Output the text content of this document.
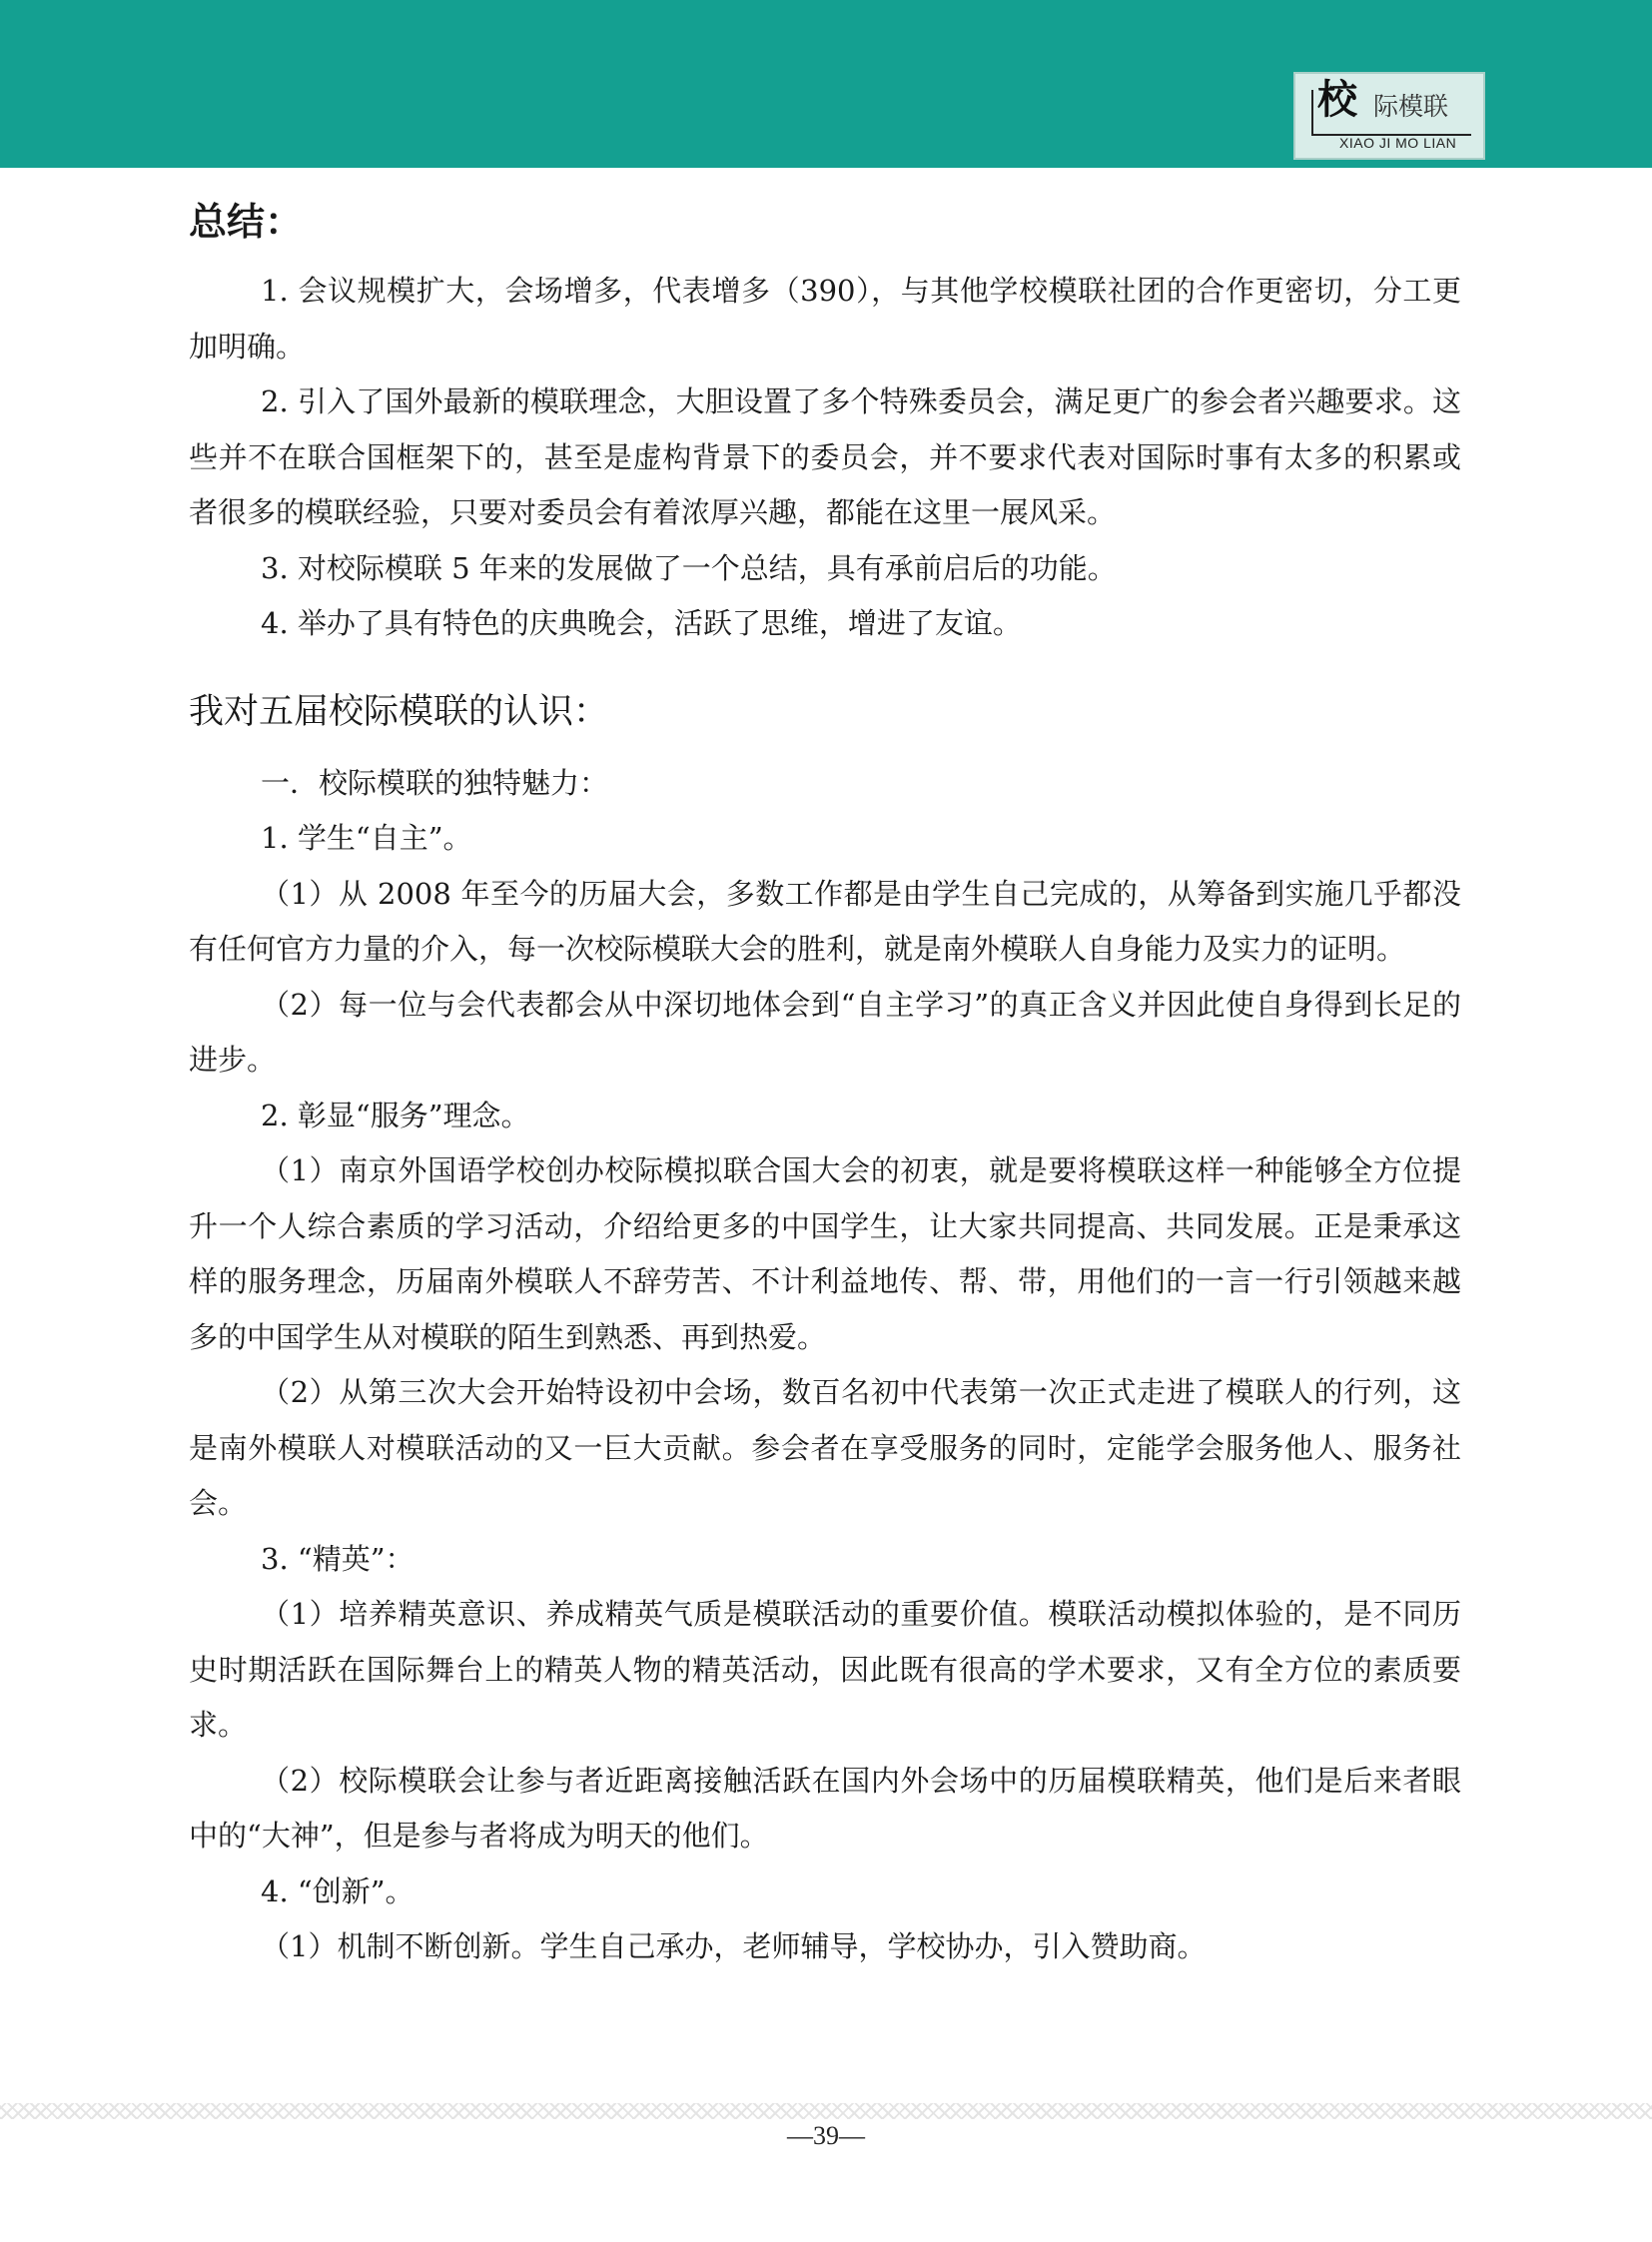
校 际模联
XIAO JI MO LIAN

总结：

1. 会议规模扩大，会场增多，代表增多（390），与其他学校模联社团的合作更密切，分工更加明确。

2. 引入了国外最新的模联理念，大胆设置了多个特殊委员会，满足更广的参会者兴趣要求。这些并不在联合国框架下的，甚至是虚构背景下的委员会，并不要求代表对国际时事有太多的积累或者很多的模联经验，只要对委员会有着浓厚兴趣，都能在这里一展风采。

3. 对校际模联 5 年来的发展做了一个总结，具有承前启后的功能。

4. 举办了具有特色的庆典晚会，活跃了思维，增进了友谊。

我对五届校际模联的认识：

一．校际模联的独特魅力：

1. 学生“自主”。

（1）从 2008 年至今的历届大会，多数工作都是由学生自己完成的，从筹备到实施几乎都没有任何官方力量的介入，每一次校际模联大会的胜利，就是南外模联人自身能力及实力的证明。

（2）每一位与会代表都会从中深切地体会到“自主学习”的真正含义并因此使自身得到长足的进步。

2. 彰显“服务”理念。

（1）南京外国语学校创办校际模拟联合国大会的初衷，就是要将模联这样一种能够全方位提升一个人综合素质的学习活动，介绍给更多的中国学生，让大家共同提高、共同发展。正是秉承这样的服务理念，历届南外模联人不辞劳苦、不计利益地传、帮、带，用他们的一言一行引领越来越多的中国学生从对模联的陌生到熟悉、再到热爱。

（2）从第三次大会开始特设初中会场，数百名初中代表第一次正式走进了模联人的行列，这是南外模联人对模联活动的又一巨大贡献。参会者在享受服务的同时，定能学会服务他人、服务社会。

3. “精英”：

（1）培养精英意识、养成精英气质是模联活动的重要价值。模联活动模拟体验的，是不同历史时期活跃在国际舞台上的精英人物的精英活动，因此既有很高的学术要求，又有全方位的素质要求。

（2）校际模联会让参与者近距离接触活跃在国内外会场中的历届模联精英，他们是后来者眼中的“大神”，但是参与者将成为明天的他们。

4. “创新”。

（1）机制不断创新。学生自己承办，老师辅导，学校协办，引入赞助商。

—39—
